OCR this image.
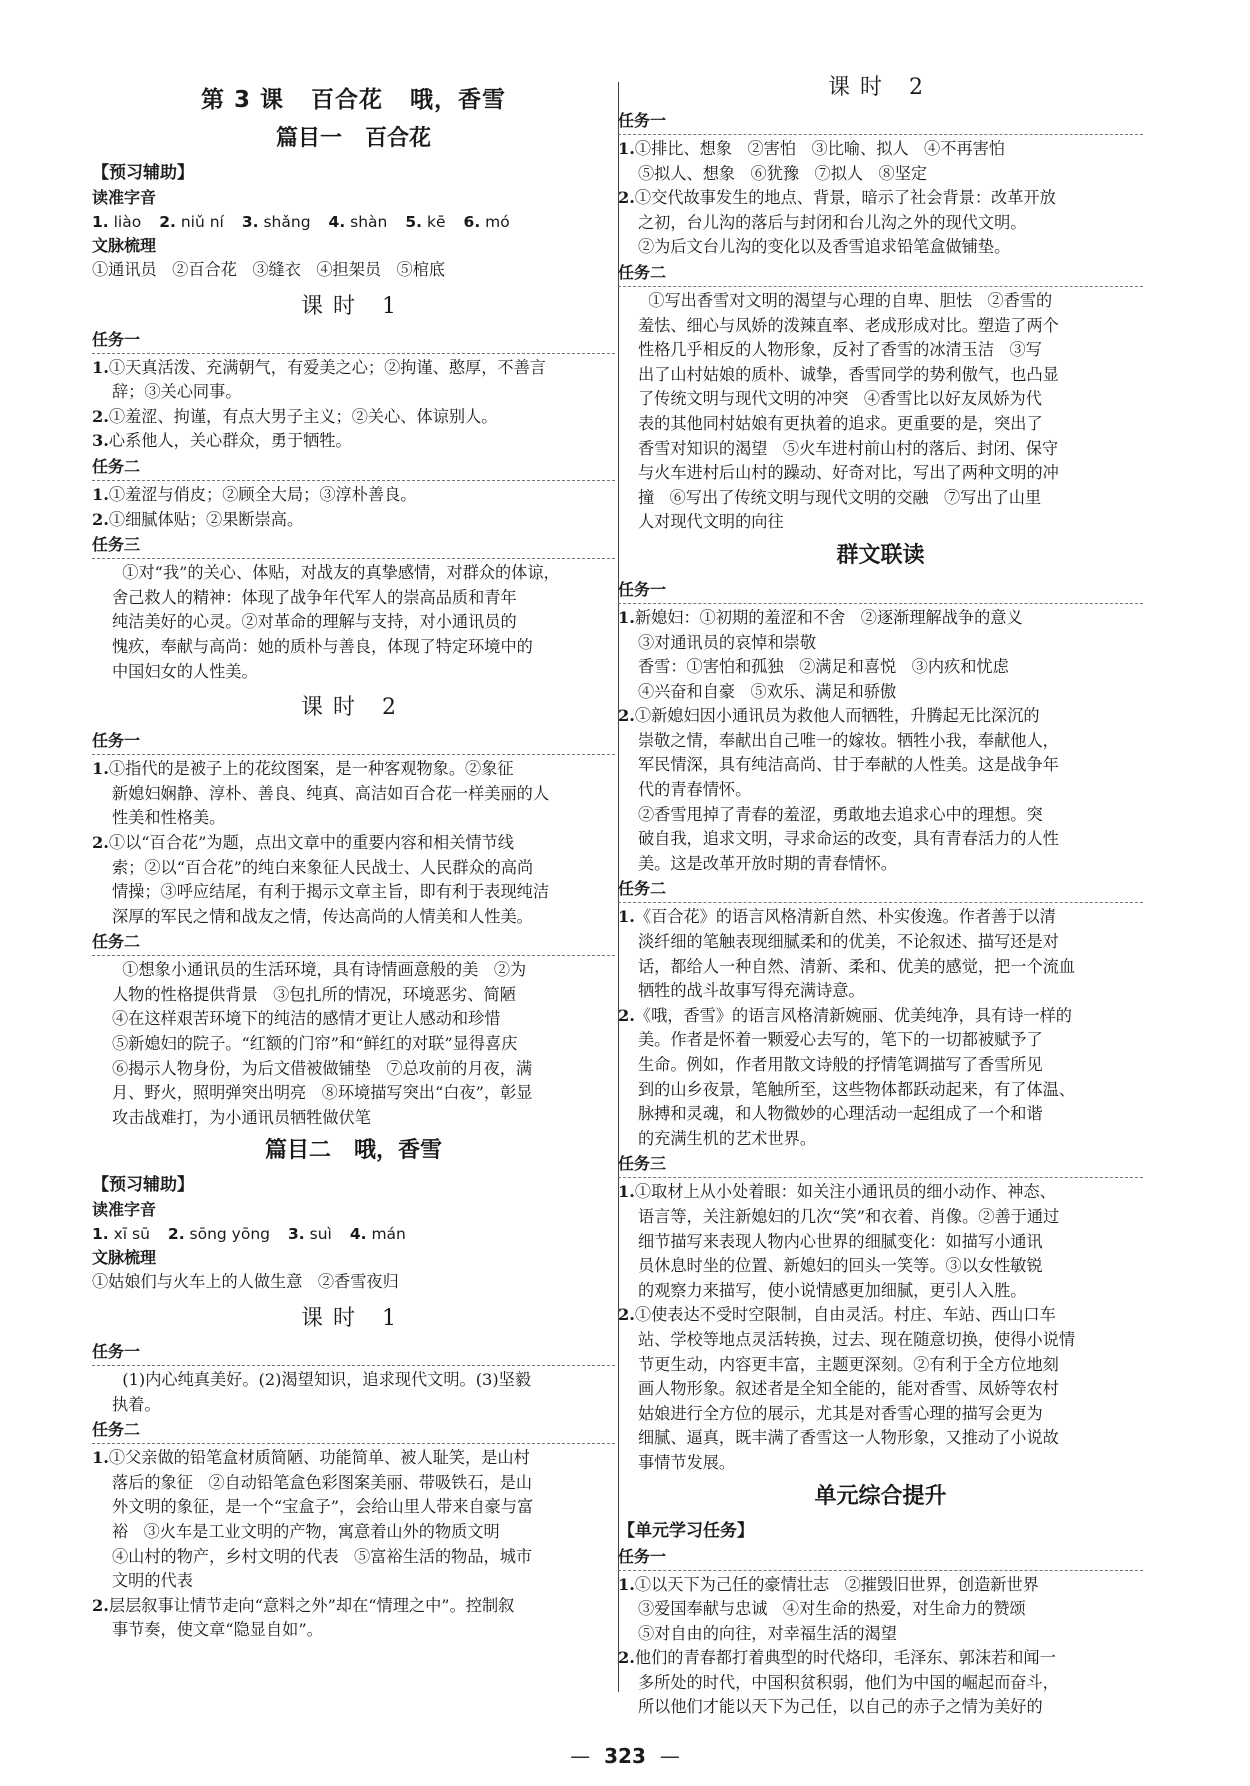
第 3 课   百合花   哦，香雪
篇目一   百合花
【预习辅助】
读准字音
1. liào 2. niǔ ní 3. shǎng 4. shàn 5. kē 6. mó
文脉梳理
①通讯员   ②百合花   ③缝衣   ④担架员   ⑤棺底
课时 1
任务一
1.①天真活泼、充满朝气，有爱美之心；②拘谨、憨厚，不善言
辞；③关心同事。
2.①羞涩、拘谨，有点大男子主义；②关心、体谅别人。
3.心系他人，关心群众，勇于牺牲。
任务二
1.①羞涩与俏皮；②顾全大局；③淳朴善良。
2.①细腻体贴；②果断崇高。
任务三
①对“我”的关心、体贴，对战友的真挚感情，对群众的体谅，
舍己救人的精神：体现了战争年代军人的崇高品质和青年
纯洁美好的心灵。②对革命的理解与支持，对小通讯员的
愧疚，奉献与高尚：她的质朴与善良，体现了特定环境中的
中国妇女的人性美。
课时 2
任务一
1.①指代的是被子上的花纹图案，是一种客观物象。②象征
新媳妇娴静、淳朴、善良、纯真、高洁如百合花一样美丽的人
性美和性格美。
2.①以“百合花”为题，点出文章中的重要内容和相关情节线
索；②以“百合花”的纯白来象征人民战士、人民群众的高尚
情操；③呼应结尾，有利于揭示文章主旨，即有利于表现纯洁
深厚的军民之情和战友之情，传达高尚的人情美和人性美。
任务二
①想象小通讯员的生活环境，具有诗情画意般的美   ②为
人物的性格提供背景   ③包扎所的情况，环境恶劣、简陋
④在这样艰苦环境下的纯洁的感情才更让人感动和珍惜
⑤新媳妇的院子。“红额的门帘”和“鲜红的对联”显得喜庆
⑥揭示人物身份，为后文借被做铺垫   ⑦总攻前的月夜，满
月、野火，照明弹突出明亮   ⑧环境描写突出“白夜”，彰显
攻击战难打，为小通讯员牺牲做伏笔
篇目二   哦，香雪
【预习辅助】
读准字音
1. xī sū 2. sōng yōng 3. suì 4. mán
文脉梳理
①姑娘们与火车上的人做生意   ②香雪夜归
课时 1
任务一
(1)内心纯真美好。(2)渴望知识，追求现代文明。(3)坚毅
执着。
任务二
1.①父亲做的铅笔盒材质简陋、功能简单、被人耻笑，是山村
落后的象征   ②自动铅笔盒色彩图案美丽、带吸铁石，是山
外文明的象征，是一个“宝盒子”，会给山里人带来自豪与富
裕   ③火车是工业文明的产物，寓意着山外的物质文明
④山村的物产，乡村文明的代表   ⑤富裕生活的物品，城市
文明的代表
2.层层叙事让情节走向“意料之外”却在“情理之中”。控制叙
事节奏，使文章“隐显自如”。
课时 2
任务一
1.①排比、想象   ②害怕   ③比喻、拟人   ④不再害怕
⑤拟人、想象   ⑥犹豫   ⑦拟人   ⑧坚定
2.①交代故事发生的地点、背景，暗示了社会背景：改革开放
之初，台儿沟的落后与封闭和台儿沟之外的现代文明。
②为后文台儿沟的变化以及香雪追求铅笔盒做铺垫。
任务二
①写出香雪对文明的渴望与心理的自卑、胆怯   ②香雪的
羞怯、细心与凤娇的泼辣直率、老成形成对比。塑造了两个
性格几乎相反的人物形象，反衬了香雪的冰清玉洁   ③写
出了山村姑娘的质朴、诚挚，香雪同学的势利傲气，也凸显
了传统文明与现代文明的冲突   ④香雪比以好友凤娇为代
表的其他同村姑娘有更执着的追求。更重要的是，突出了
香雪对知识的渴望   ⑤火车进村前山村的落后、封闭、保守
与火车进村后山村的躁动、好奇对比，写出了两种文明的冲
撞   ⑥写出了传统文明与现代文明的交融   ⑦写出了山里
人对现代文明的向往
群文联读
任务一
1.新媳妇：①初期的羞涩和不舍   ②逐渐理解战争的意义
③对通讯员的哀悼和崇敬
香雪：①害怕和孤独   ②满足和喜悦   ③内疚和忧虑
④兴奋和自豪   ⑤欢乐、满足和骄傲
2.①新媳妇因小通讯员为救他人而牺牲，升腾起无比深沉的
崇敬之情，奉献出自己唯一的嫁妆。牺牲小我，奉献他人，
军民情深，具有纯洁高尚、甘于奉献的人性美。这是战争年
代的青春情怀。
②香雪甩掉了青春的羞涩，勇敢地去追求心中的理想。突
破自我，追求文明，寻求命运的改变，具有青春活力的人性
美。这是改革开放时期的青春情怀。
任务二
1.《百合花》的语言风格清新自然、朴实俊逸。作者善于以清
淡纤细的笔触表现细腻柔和的优美，不论叙述、描写还是对
话，都给人一种自然、清新、柔和、优美的感觉，把一个流血
牺牲的战斗故事写得充满诗意。
2.《哦，香雪》的语言风格清新婉丽、优美纯净，具有诗一样的
美。作者是怀着一颗爱心去写的，笔下的一切都被赋予了
生命。例如，作者用散文诗般的抒情笔调描写了香雪所见
到的山乡夜景，笔触所至，这些物体都跃动起来，有了体温、
脉搏和灵魂，和人物微妙的心理活动一起组成了一个和谐
的充满生机的艺术世界。
任务三
1.①取材上从小处着眼：如关注小通讯员的细小动作、神态、
语言等，关注新媳妇的几次“笑”和衣着、肖像。②善于通过
细节描写来表现人物内心世界的细腻变化：如描写小通讯
员休息时坐的位置、新媳妇的回头一笑等。③以女性敏锐
的观察力来描写，使小说情感更加细腻，更引人入胜。
2.①使表达不受时空限制，自由灵活。村庄、车站、西山口车
站、学校等地点灵活转换，过去、现在随意切换，使得小说情
节更生动，内容更丰富，主题更深刻。②有利于全方位地刻
画人物形象。叙述者是全知全能的，能对香雪、凤娇等农村
姑娘进行全方位的展示，尤其是对香雪心理的描写会更为
细腻、逼真，既丰满了香雪这一人物形象，又推动了小说故
事情节发展。
单元综合提升
【单元学习任务】
任务一
1.①以天下为己任的豪情壮志   ②摧毁旧世界，创造新世界
③爱国奉献与忠诚   ④对生命的热爱，对生命力的赞颂
⑤对自由的向往，对幸福生活的渴望
2.他们的青春都打着典型的时代烙印，毛泽东、郭沫若和闻一
多所处的时代，中国积贫积弱，他们为中国的崛起而奋斗，
所以他们才能以天下为己任，以自己的赤子之情为美好的
— 323 —
